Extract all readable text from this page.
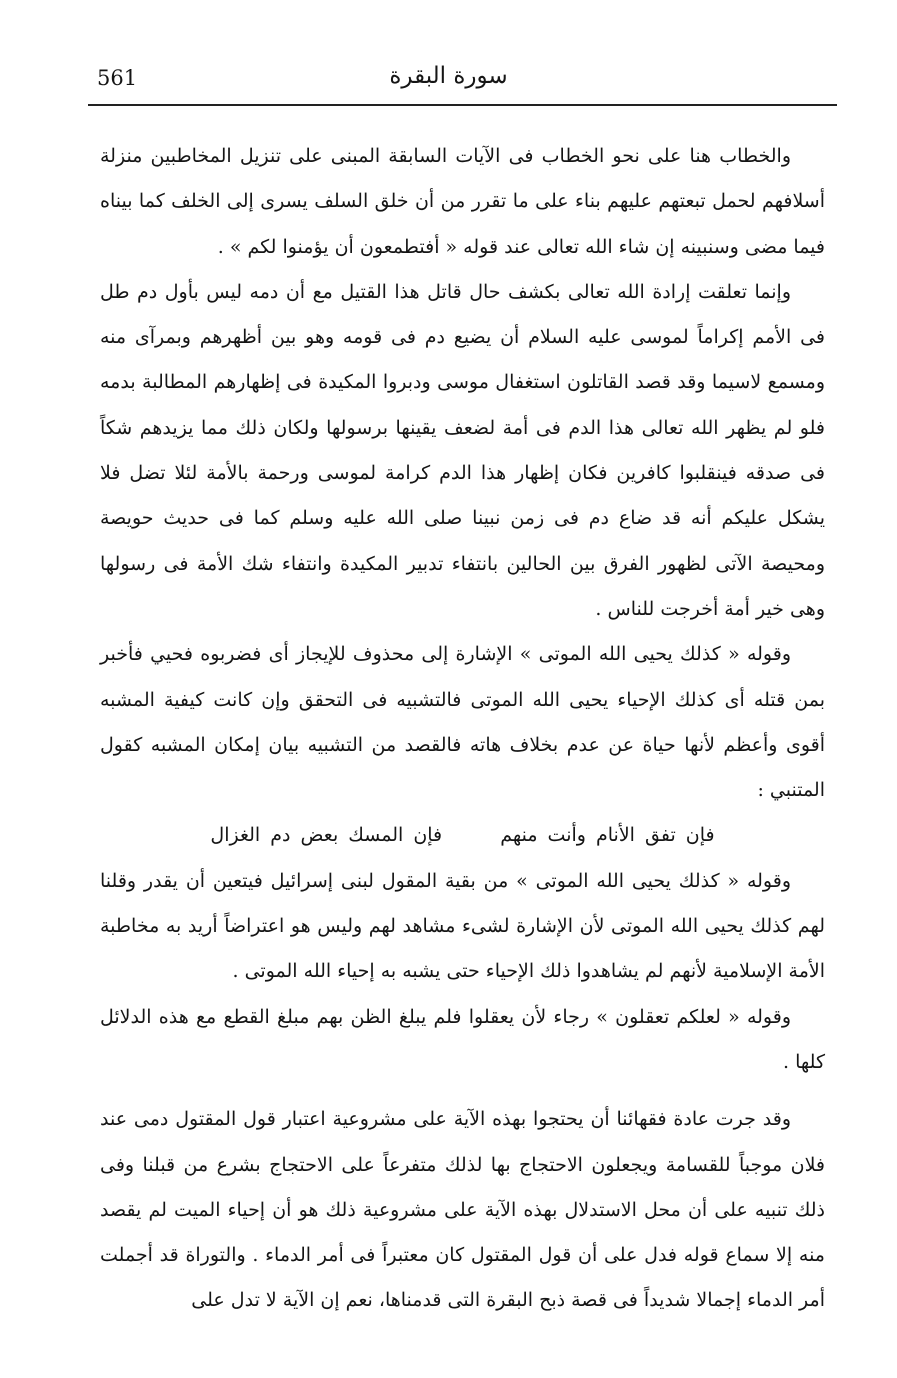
561	سورة البقرة

والخطاب هنا على نحو الخطاب فى الآيات السابقة المبنى على تنزيل المخاطبين منزلة أسلافهم لحمل تبعتهم عليهم بناء على ما تقرر من أن خلق السلف يسرى إلى الخلف كما بيناه فيما مضى وسنبينه إن شاء الله تعالى عند قوله « أفتطمعون أن يؤمنوا لكم » .

وإنما تعلقت إرادة الله تعالى بكشف حال قاتل هذا القتيل مع أن دمه ليس بأول دم طل فى الأمم إكراماً لموسى عليه السلام أن يضيع دم فى قومه وهو بين أظهرهم وبمرآى منه ومسمع لاسيما وقد قصد القاتلون استغفال موسى ودبروا المكيدة فى إظهارهم المطالبة بدمه فلو لم يظهر الله تعالى هذا الدم فى أمة لضعف يقينها برسولها ولكان ذلك مما يزيدهم شكاً فى صدقه فينقلبوا كافرين فكان إظهار هذا الدم كرامة لموسى ورحمة بالأمة لئلا تضل فلا يشكل عليكم أنه قد ضاع دم فى زمن نبينا صلى الله عليه وسلم كما فى حديث حويصة ومحيصة الآتى لظهور الفرق بين الحالين بانتفاء تدبير المكيدة وانتفاء شك الأمة فى رسولها وهى خير أمة أخرجت للناس .

وقوله « كذلك يحيى الله الموتى » الإشارة إلى محذوف للإيجاز أى فضربوه فحيي فأخبر بمن قتله أى كذلك الإحياء يحيى الله الموتى فالتشبيه فى التحقق وإن كانت كيفية المشبه أقوى وأعظم لأنها حياة عن عدم بخلاف هاته فالقصد من التشبيه بيان إمكان المشبه كقول المتنبي :

فإن تفق الأنام وأنت منهم فإن المسك بعض دم الغزال

وقوله « كذلك يحيى الله الموتى » من بقية المقول لبنى إسرائيل فيتعين أن يقدر وقلنا لهم كذلك يحيى الله الموتى لأن الإشارة لشىء مشاهد لهم وليس هو اعتراضاً أريد به مخاطبة الأمة الإسلامية لأنهم لم يشاهدوا ذلك الإحياء حتى يشبه به إحياء الله الموتى .

وقوله « لعلكم تعقلون » رجاء لأن يعقلوا فلم يبلغ الظن بهم مبلغ القطع مع هذه الدلائل كلها .

وقد جرت عادة فقهائنا أن يحتجوا بهذه الآية على مشروعية اعتبار قول المقتول دمى عند فلان موجباً للقسامة ويجعلون الاحتجاج بها لذلك متفرعاً على الاحتجاج بشرع من قبلنا وفى ذلك تنبيه على أن محل الاستدلال بهذه الآية على مشروعية ذلك هو أن إحياء الميت لم يقصد منه إلا سماع قوله فدل على أن قول المقتول كان معتبراً فى أمر الدماء . والتوراة قد أجملت أمر الدماء إجمالا شديداً فى قصة ذبح البقرة التى قدمناها، نعم إن الآية لا تدل على
